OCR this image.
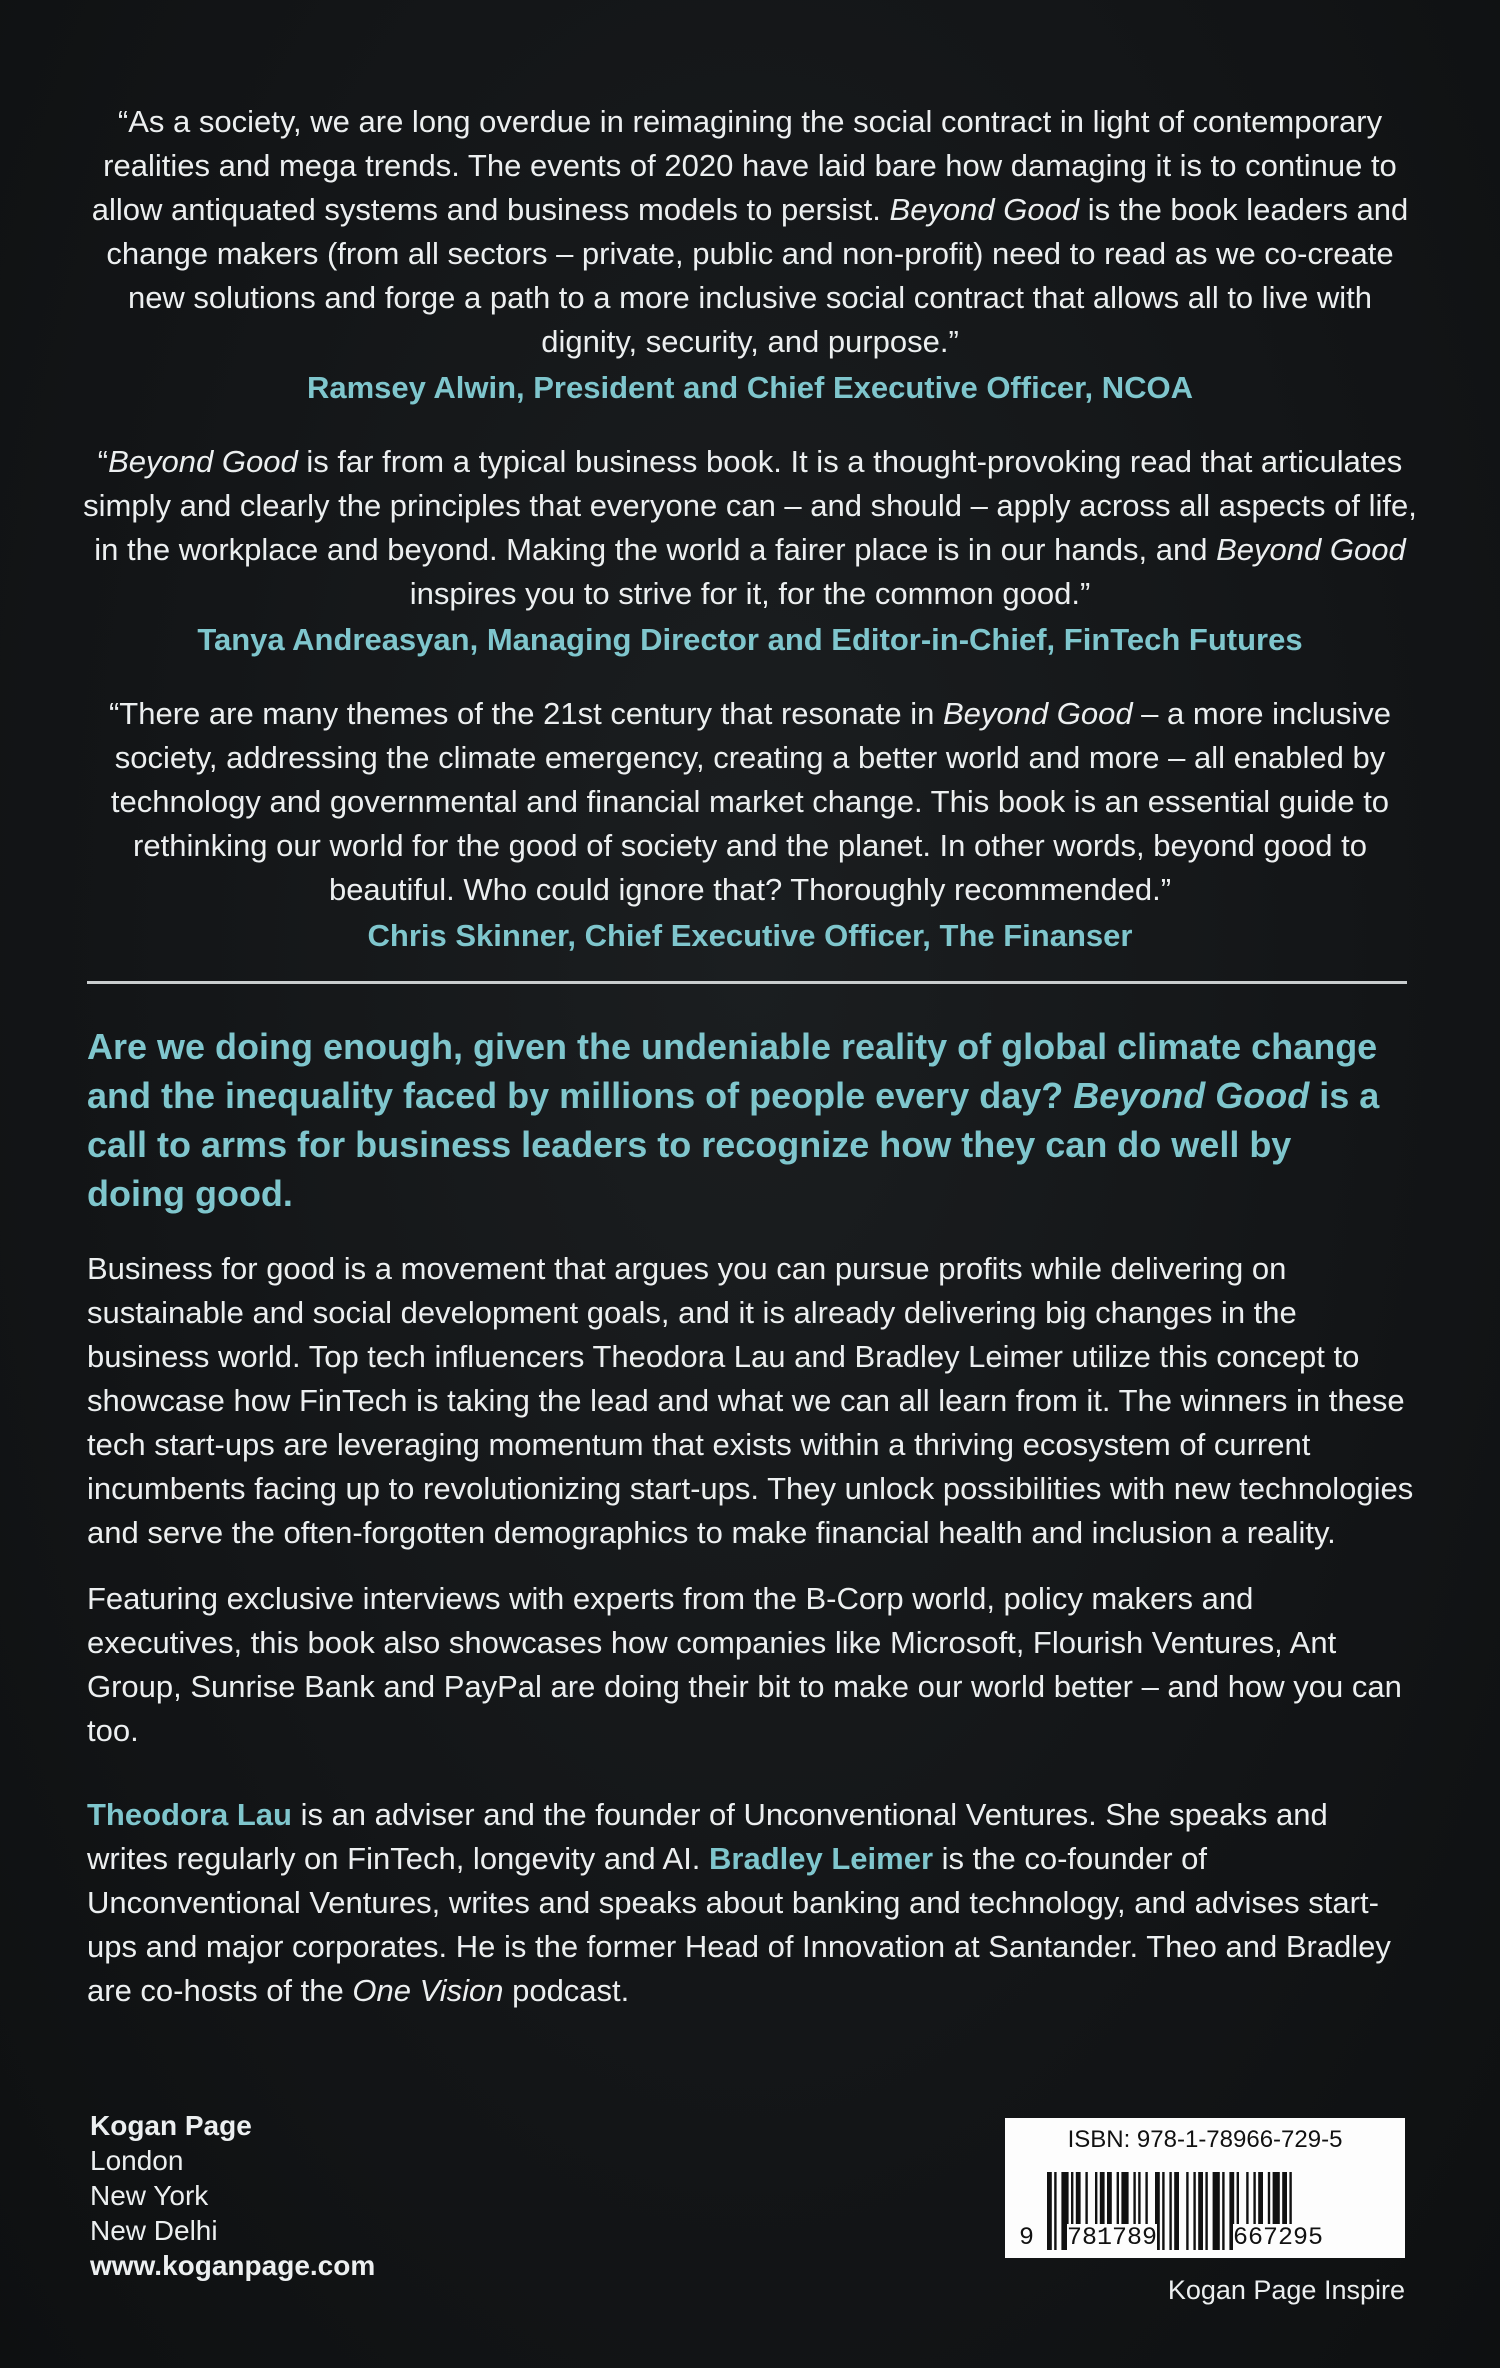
“As a society, we are long overdue in reimagining the social contract in light of contemporary realities and mega trends. The events of 2020 have laid bare how damaging it is to continue to allow antiquated systems and business models to persist. Beyond Good is the book leaders and change makers (from all sectors – private, public and non-profit) need to read as we co-create new solutions and forge a path to a more inclusive social contract that allows all to live with dignity, security, and purpose.”

Ramsey Alwin, President and Chief Executive Officer, NCOA

“Beyond Good is far from a typical business book. It is a thought-provoking read that articulates simply and clearly the principles that everyone can – and should – apply across all aspects of life, in the workplace and beyond. Making the world a fairer place is in our hands, and Beyond Good inspires you to strive for it, for the common good.”

Tanya Andreasyan, Managing Director and Editor-in-Chief, FinTech Futures

“There are many themes of the 21st century that resonate in Beyond Good – a more inclusive society, addressing the climate emergency, creating a better world and more – all enabled by technology and governmental and financial market change. This book is an essential guide to rethinking our world for the good of society and the planet. In other words, beyond good to beautiful. Who could ignore that? Thoroughly recommended.”

Chris Skinner, Chief Executive Officer, The Finanser
Are we doing enough, given the undeniable reality of global climate change and the inequality faced by millions of people every day? Beyond Good is a call to arms for business leaders to recognize how they can do well by doing good.

Business for good is a movement that argues you can pursue profits while delivering on sustainable and social development goals, and it is already delivering big changes in the business world. Top tech influencers Theodora Lau and Bradley Leimer utilize this concept to showcase how FinTech is taking the lead and what we can all learn from it. The winners in these tech start-ups are leveraging momentum that exists within a thriving ecosystem of current incumbents facing up to revolutionizing start-ups. They unlock possibilities with new technologies and serve the often-forgotten demographics to make financial health and inclusion a reality.

Featuring exclusive interviews with experts from the B-Corp world, policy makers and executives, this book also showcases how companies like Microsoft, Flourish Ventures, Ant Group, Sunrise Bank and PayPal are doing their bit to make our world better – and how you can too.

Theodora Lau is an adviser and the founder of Unconventional Ventures. She speaks and writes regularly on FinTech, longevity and AI. Bradley Leimer is the co-founder of Unconventional Ventures, writes and speaks about banking and technology, and advises start-ups and major corporates. He is the former Head of Innovation at Santander. Theo and Bradley are co-hosts of the One Vision podcast.

Kogan Page
London
New York
New Delhi
www.koganpage.com
ISBN: 978-1-78966-729-5
9 781789	667295
Kogan Page Inspire
